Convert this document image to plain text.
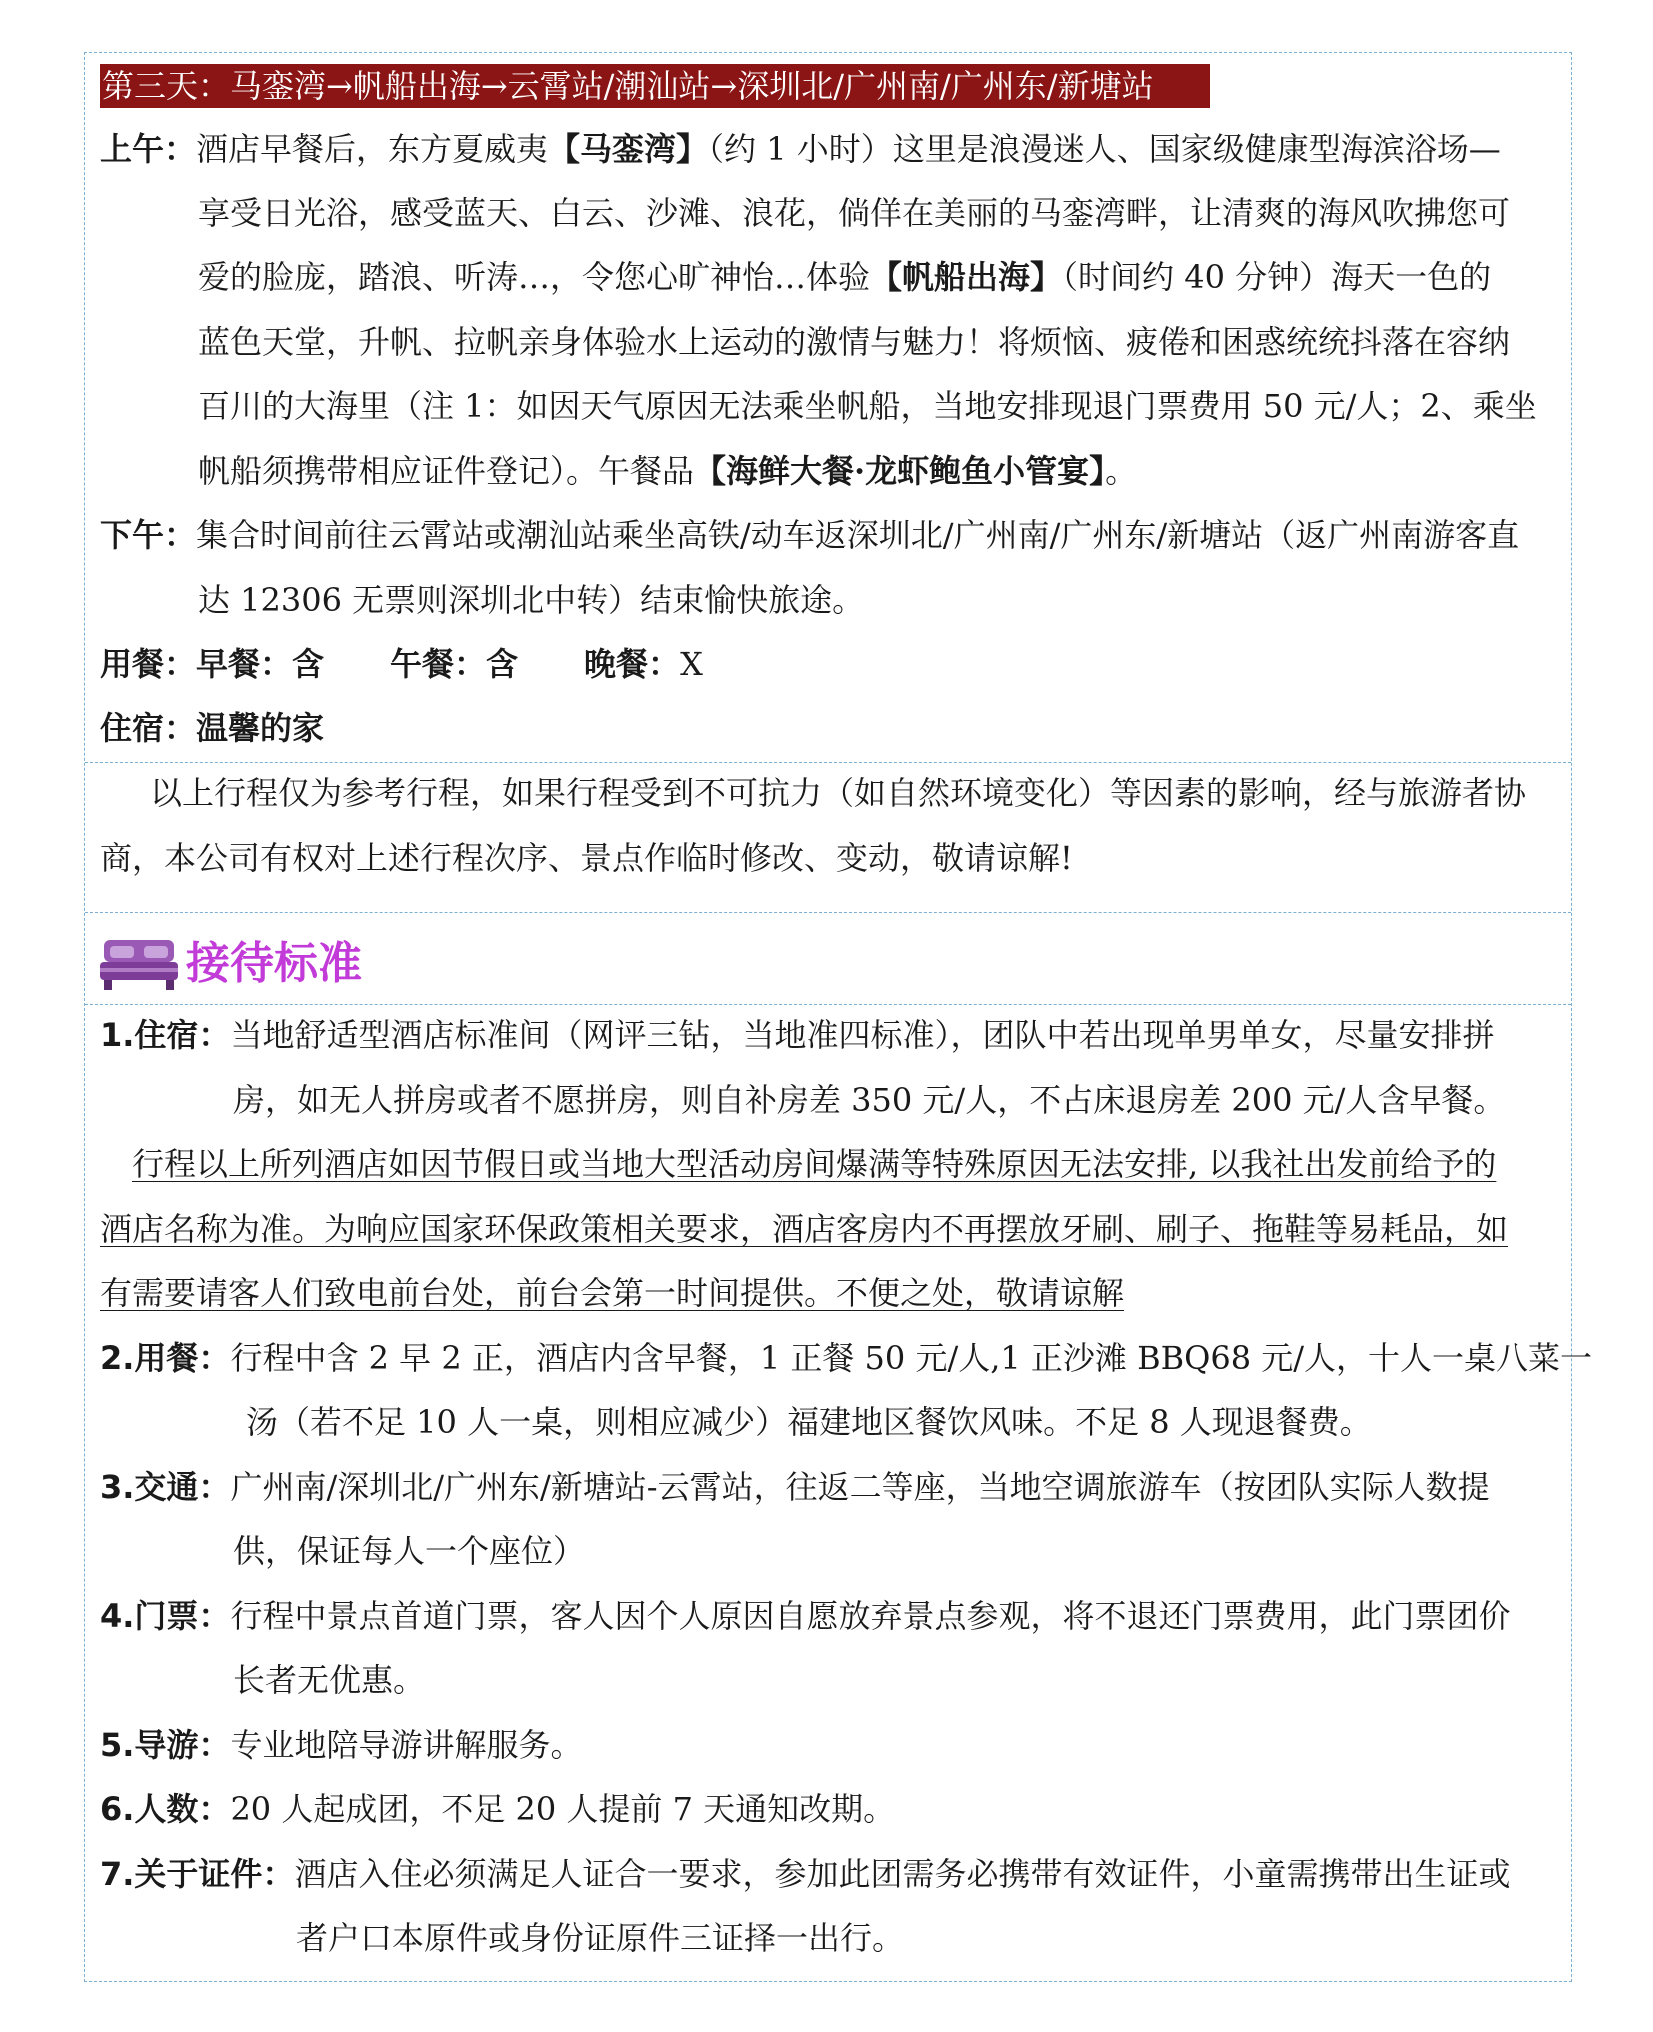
第三天：马銮湾→帆船出海→云霄站/潮汕站→深圳北/广州南/广州东/新塘站
上午：酒店早餐后，东方夏威夷【马銮湾】（约 1 小时）这里是浪漫迷人、国家级健康型海滨浴场—
享受日光浴，感受蓝天、白云、沙滩、浪花，倘佯在美丽的马銮湾畔，让清爽的海风吹拂您可
爱的脸庞，踏浪、听涛…，令您心旷神怡…体验【帆船出海】（时间约 40 分钟）海天一色的
蓝色天堂，升帆、拉帆亲身体验水上运动的激情与魅力！将烦恼、疲倦和困惑统统抖落在容纳
百川的大海里（注 1：如因天气原因无法乘坐帆船，当地安排现退门票费用 50 元/人；2、乘坐
帆船须携带相应证件登记）。午餐品【海鲜大餐·龙虾鲍鱼小管宴】。
下午：集合时间前往云霄站或潮汕站乘坐高铁/动车返深圳北/广州南/广州东/新塘站（返广州南游客直
达 12306 无票则深圳北中转）结束愉快旅途。
用餐：早餐：含 午餐：含 晚餐：X
住宿：温馨的家
以上行程仅为参考行程，如果行程受到不可抗力（如自然环境变化）等因素的影响，经与旅游者协
商，本公司有权对上述行程次序、景点作临时修改、变动，敬请谅解!
接待标准
1.住宿：当地舒适型酒店标准间（网评三钻，当地准四标准），团队中若出现单男单女，尽量安排拼
房，如无人拼房或者不愿拼房，则自补房差 350 元/人，不占床退房差 200 元/人含早餐。
行程以上所列酒店如因节假日或当地大型活动房间爆满等特殊原因无法安排, 以我社出发前给予的
酒店名称为准。为响应国家环保政策相关要求，酒店客房内不再摆放牙刷、刷子、拖鞋等易耗品，如
有需要请客人们致电前台处，前台会第一时间提供。不便之处，敬请谅解
2.用餐：行程中含 2 早 2 正，酒店内含早餐，1 正餐 50 元/人,1 正沙滩 BBQ68 元/人，十人一桌八菜一
汤（若不足 10 人一桌，则相应减少）福建地区餐饮风味。不足 8 人现退餐费。
3.交通：广州南/深圳北/广州东/新塘站-云霄站，往返二等座，当地空调旅游车（按团队实际人数提
供，保证每人一个座位）
4.门票：行程中景点首道门票，客人因个人原因自愿放弃景点参观，将不退还门票费用，此门票团价
长者无优惠。
5.导游：专业地陪导游讲解服务。
6.人数：20 人起成团，不足 20 人提前 7 天通知改期。
7.关于证件：酒店入住必须满足人证合一要求，参加此团需务必携带有效证件，小童需携带出生证或
者户口本原件或身份证原件三证择一出行。
